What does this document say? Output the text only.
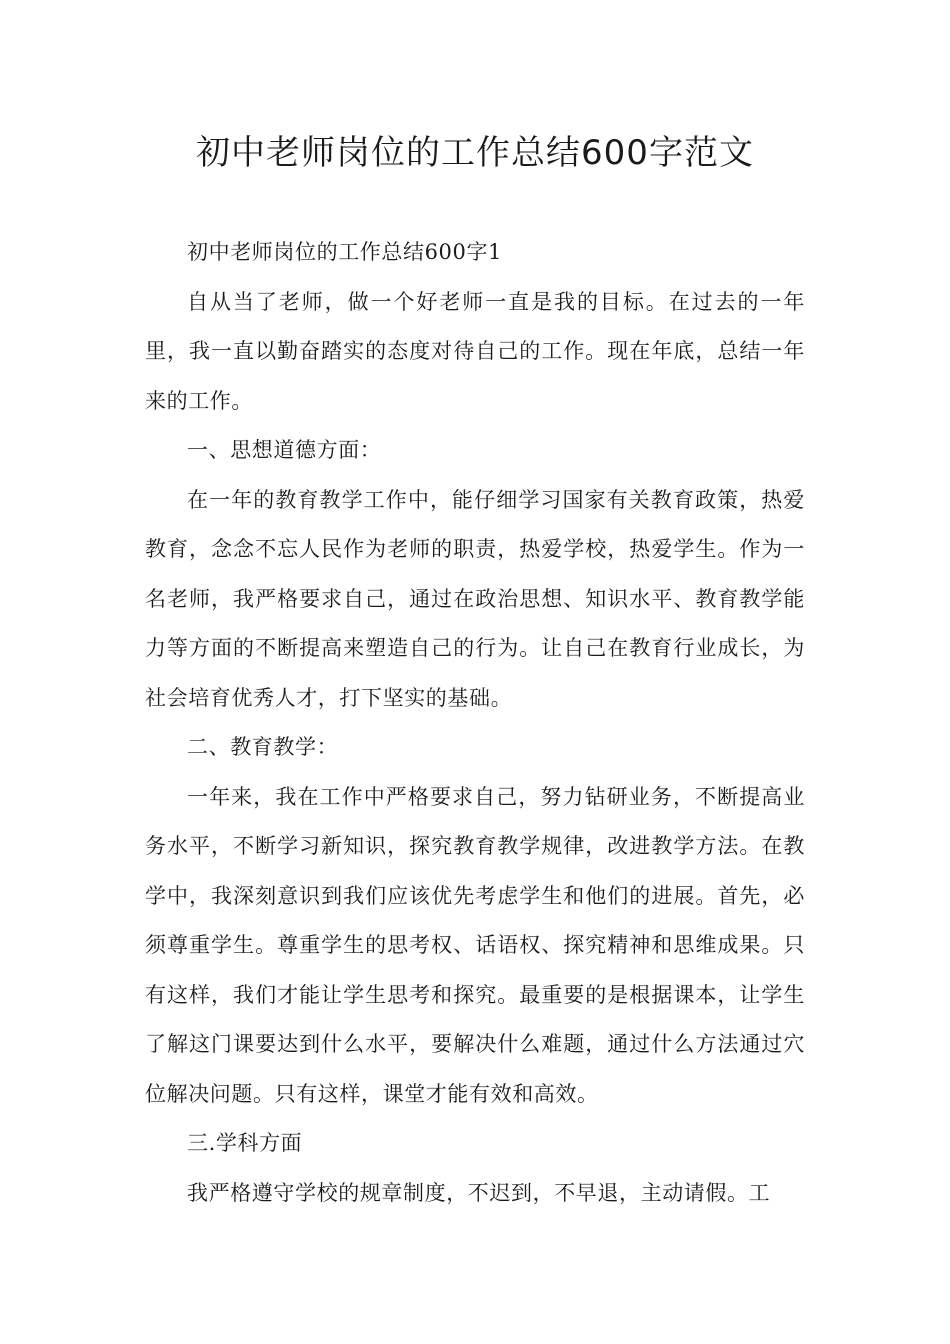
初中老师岗位的工作总结600字范文

初中老师岗位的工作总结600字1

自从当了老师，做一个好老师一直是我的目标。在过去的一年里，我一直以勤奋踏实的态度对待自己的工作。现在年底，总结一年来的工作。

一、思想道德方面：

在一年的教育教学工作中，能仔细学习国家有关教育政策，热爱教育，念念不忘人民作为老师的职责，热爱学校，热爱学生。作为一名老师，我严格要求自己，通过在政治思想、知识水平、教育教学能力等方面的不断提高来塑造自己的行为。让自己在教育行业成长，为社会培育优秀人才，打下坚实的基础。

二、教育教学：

一年来，我在工作中严格要求自己，努力钻研业务，不断提高业务水平，不断学习新知识，探究教育教学规律，改进教学方法。在教学中，我深刻意识到我们应该优先考虑学生和他们的进展。首先，必须尊重学生。尊重学生的思考权、话语权、探究精神和思维成果。只有这样，我们才能让学生思考和探究。最重要的是根据课本，让学生了解这门课要达到什么水平，要解决什么难题，通过什么方法通过穴位解决问题。只有这样，课堂才能有效和高效。

三.学科方面

我严格遵守学校的规章制度，不迟到，不早退，主动请假。工
